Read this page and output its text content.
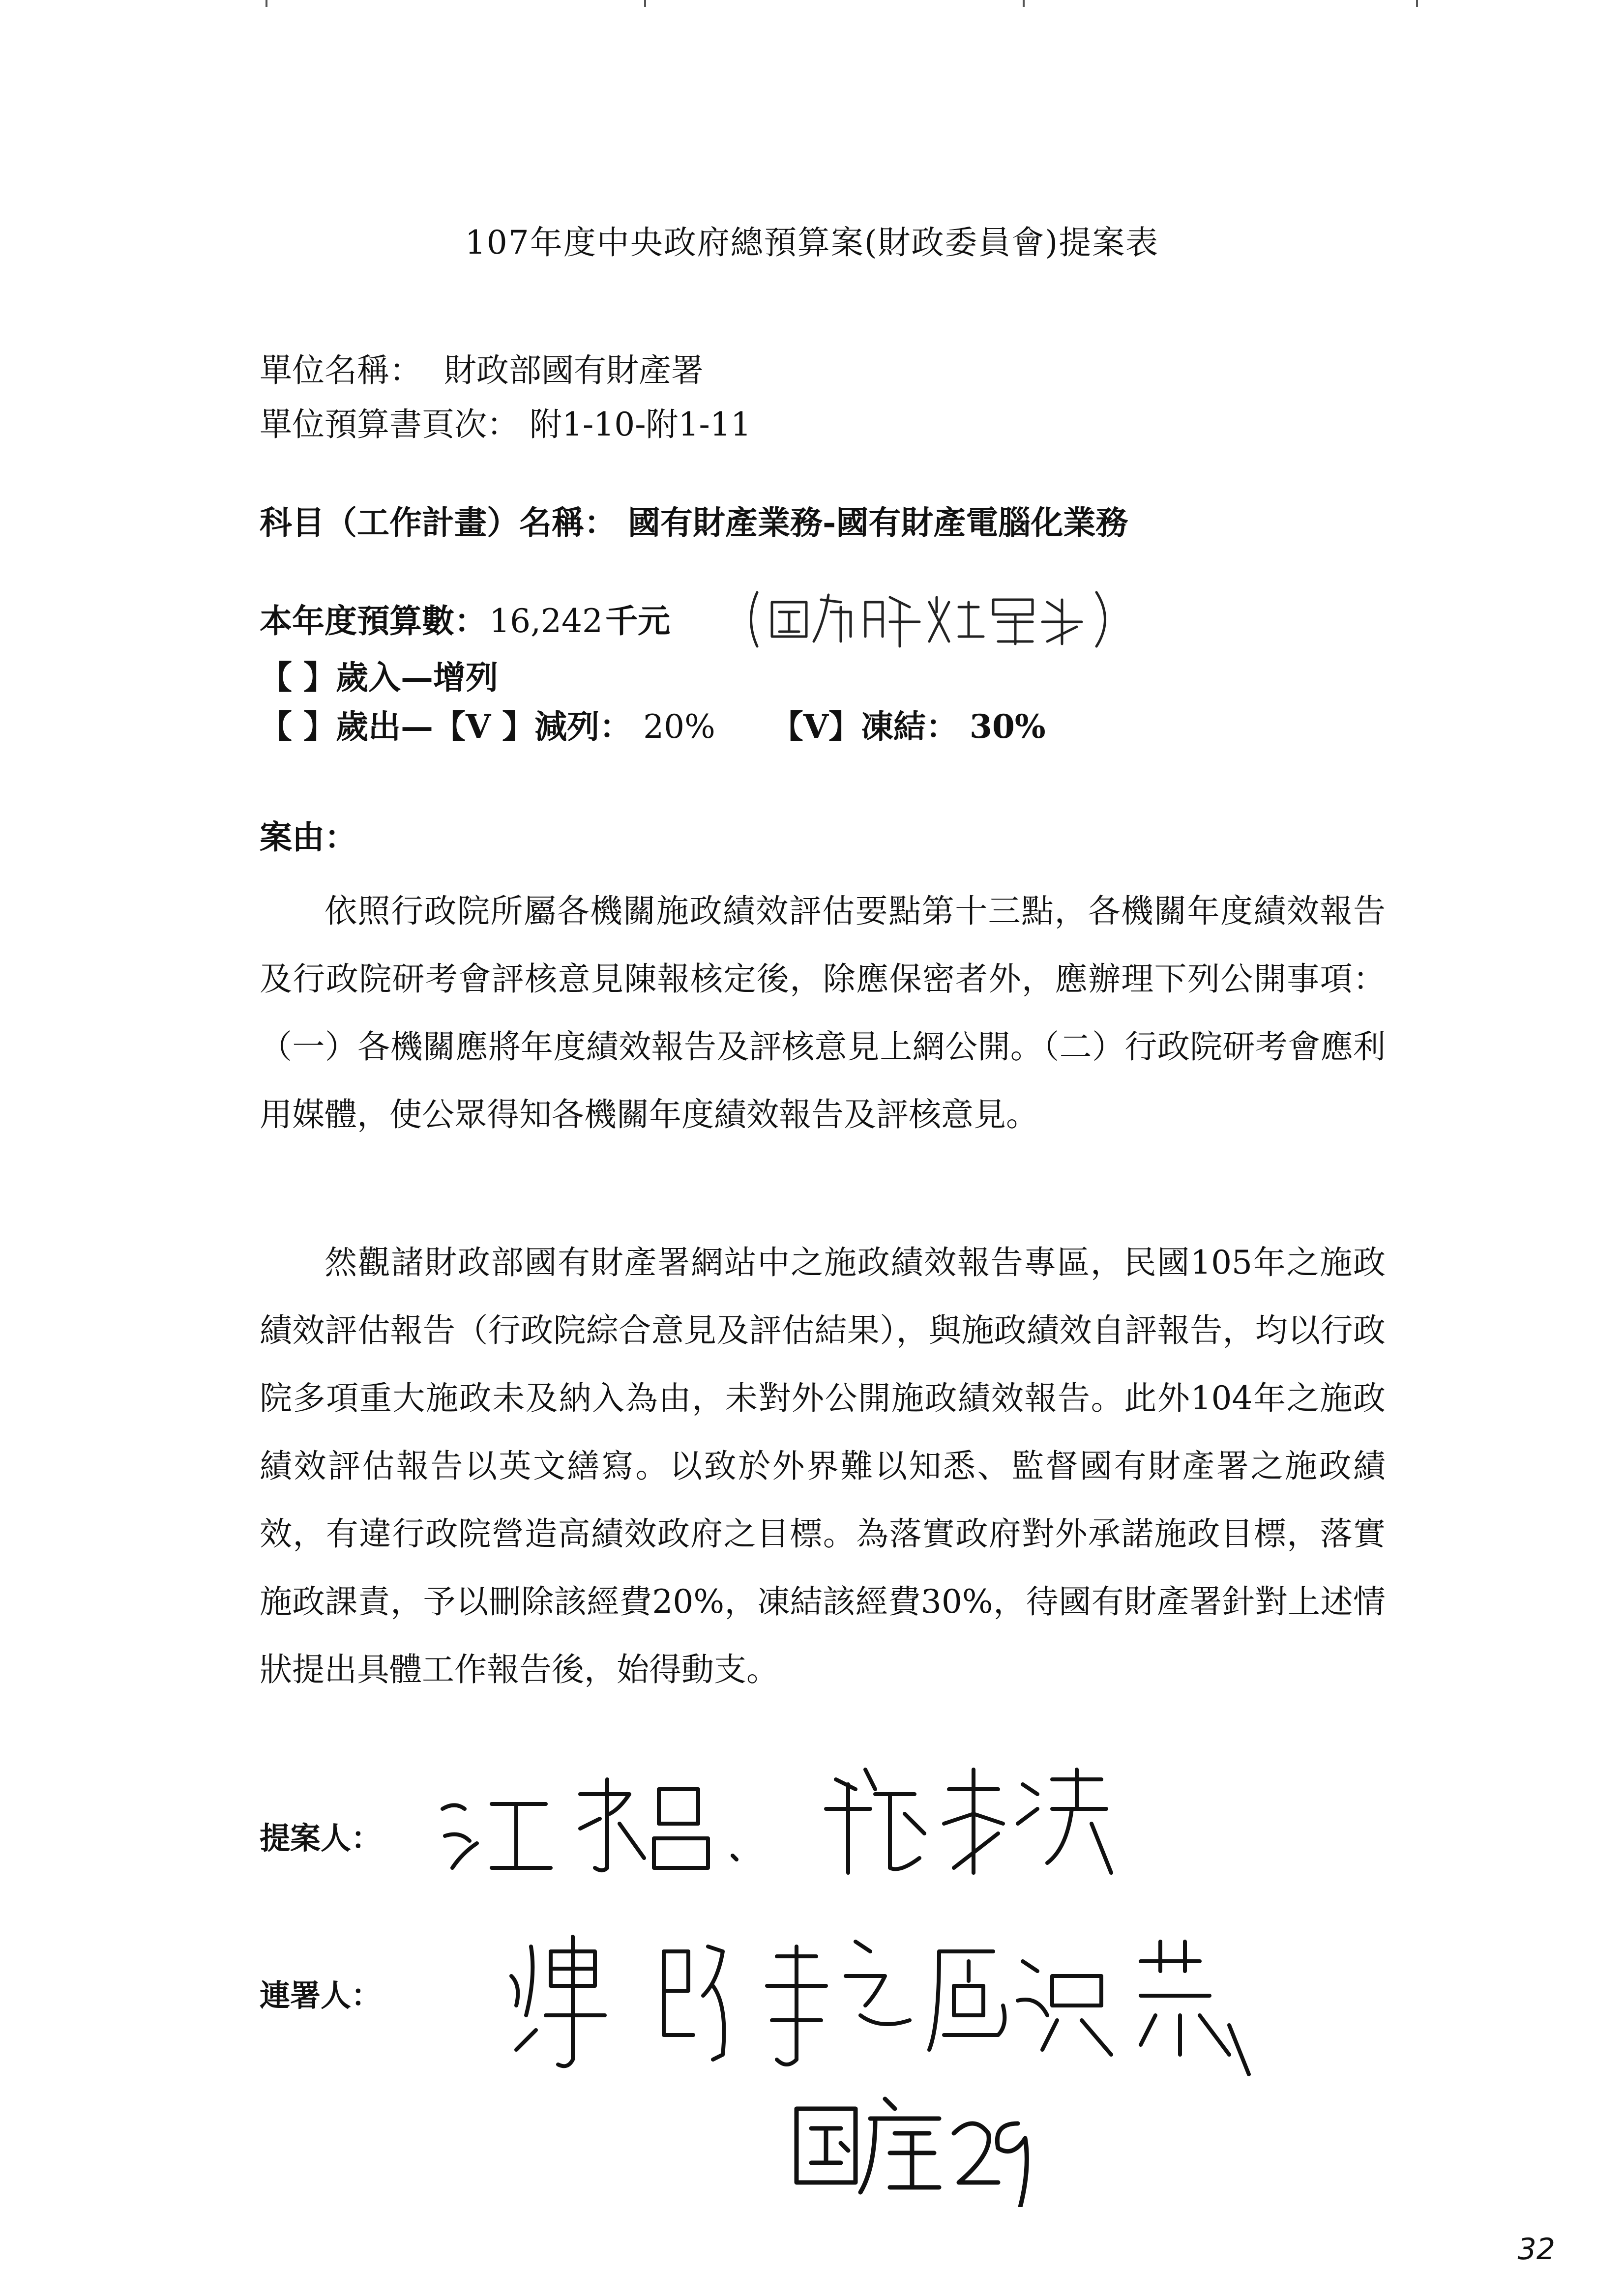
107年度中央政府總預算案(財政委員會)提案表
單位名稱： 財政部國有財產署
單位預算書頁次： 附1-10-附1-11
科目（工作計畫）名稱： 國有財產業務-國有財產電腦化業務
本年度預算數： 16,242 千元
【 】歲入—增列
【 】歲出—【V 】減列： 20% 【V】凍結： 30%
案由：
依照行政院所屬各機關施政績效評估要點第十三點，各機關年度績效報告及行政院研考會評核意見陳報核定後，除應保密者外，應辦理下列公開事項：（一）各機關應將年度績效報告及評核意見上網公開。（二）行政院研考會應利用媒體，使公眾得知各機關年度績效報告及評核意見。
然觀諸財政部國有財產署網站中之施政績效報告專區，民國105年之施政績效評估報告（行政院綜合意見及評估結果），與施政績效自評報告，均以行政院多項重大施政未及納入為由，未對外公開施政績效報告。此外104年之施政績效評估報告以英文繕寫。以致於外界難以知悉、監督國有財產署之施政績效，有違行政院營造高績效政府之目標。為落實政府對外承諾施政目標，落實施政課責，予以刪除該經費20%，凍結該經費30%，待國有財產署針對上述情狀提出具體工作報告後，始得動支。
提案人：
連署人：
32
